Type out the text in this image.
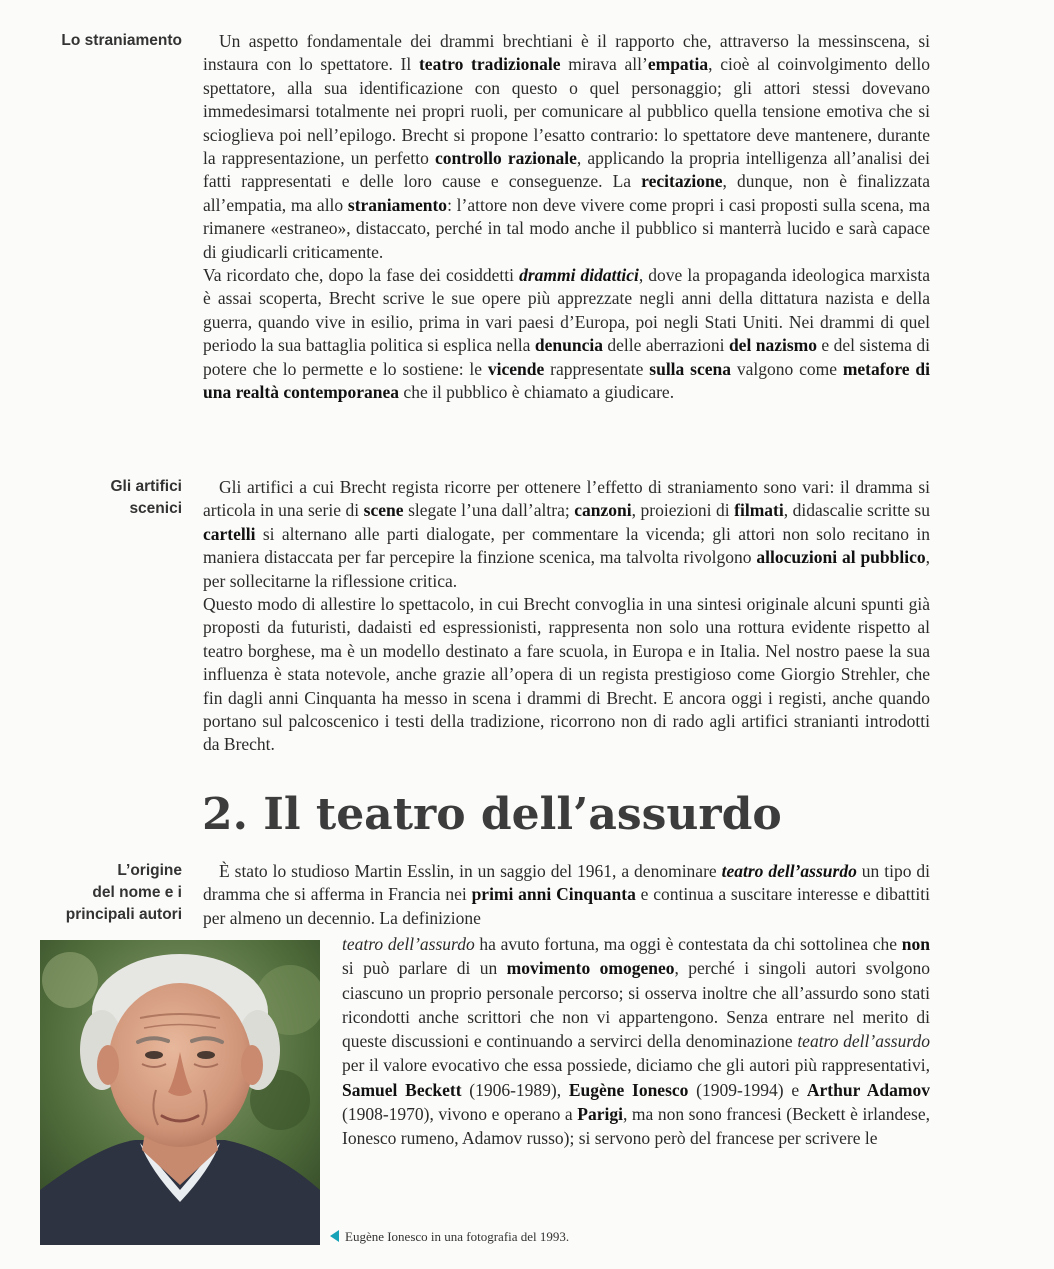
Lo straniamento	Un aspetto fondamentale dei drammi brechtiani è il rapporto che, attraverso la messinscena, si instaura con lo spettatore. Il teatro tradizionale mirava all’empatia, cioè al coinvolgimento dello spettatore, alla sua identificazione con questo o quel personaggio; gli attori stessi dovevano immedesimarsi totalmente nei propri ruoli, per comunicare al pubblico quella tensione emotiva che si scioglieva poi nell’epilogo. Brecht si propone l’esatto contrario: lo spettatore deve mantenere, durante la rappresentazione, un perfetto controllo razionale, applicando la propria intelligenza all’analisi dei fatti rappresentati e delle loro cause e conseguenze. La recitazione, dunque, non è finalizzata all’empatia, ma allo straniamento: l’attore non deve vivere come propri i casi proposti sulla scena, ma rimanere «estraneo», distaccato, perché in tal modo anche il pubblico si manterrà lucido e sarà capace di giudicarli criticamente.

Va ricordato che, dopo la fase dei cosiddetti drammi didattici, dove la propaganda ideologica marxista è assai scoperta, Brecht scrive le sue opere più apprezzate negli anni della dittatura nazista e della guerra, quando vive in esilio, prima in vari paesi d’Europa, poi negli Stati Uniti. Nei drammi di quel periodo la sua battaglia politica si esplica nella denuncia delle aberrazioni del nazismo e del sistema di potere che lo permette e lo sostiene: le vicende rappresentate sulla scena valgono come metafore di una realtà contemporanea che il pubblico è chiamato a giudicare.

Gli artifici
scenici

Gli artifici a cui Brecht regista ricorre per ottenere l’effetto di straniamento sono vari: il dramma si articola in una serie di scene slegate l’una dall’altra; canzoni, proiezioni di filmati, didascalie scritte su cartelli si alternano alle parti dialogate, per commentare la vicenda; gli attori non solo recitano in maniera distaccata per far percepire la finzione scenica, ma talvolta rivolgono allocuzioni al pubblico, per sollecitarne la riflessione critica.

Questo modo di allestire lo spettacolo, in cui Brecht convoglia in una sintesi originale alcuni spunti già proposti da futuristi, dadaisti ed espressionisti, rappresenta non solo una rottura evidente rispetto al teatro borghese, ma è un modello destinato a fare scuola, in Europa e in Italia. Nel nostro paese la sua influenza è stata notevole, anche grazie all’opera di un regista prestigioso come Giorgio Strehler, che fin dagli anni Cinquanta ha messo in scena i drammi di Brecht. E ancora oggi i registi, anche quando portano sul palcoscenico i testi della tradizione, ricorrono non di rado agli artifici stranianti introdotti da Brecht.

2. Il teatro dell’assurdo
L’origine
del nome e i
principali autori

È stato lo studioso Martin Esslin, in un saggio del 1961, a denominare teatro dell’assurdo un tipo di dramma che si afferma in Francia nei primi anni Cinquanta e continua a suscitare interesse e dibattiti per almeno un decennio. La definizione

teatro dell’assurdo ha avuto fortuna, ma oggi è contestata da chi sottolinea che non si può parlare di un movimento omogeneo, perché i singoli autori svolgono ciascuno un proprio personale percorso; si osserva inoltre che all’assurdo sono stati ricondotti anche scrittori che non vi appartengono. Senza entrare nel merito di queste discussioni e continuando a servirci della denominazione teatro dell’assurdo per il valore evocativo che essa possiede, diciamo che gli autori più rappresentativi, Samuel Beckett (1906-1989), Eugène Ionesco (1909-1994) e Arthur Adamov (1908-1970), vivono e operano a Parigi, ma non sono francesi (Beckett è irlandese, Ionesco rumeno, Adamov russo); si servono però del francese per scrivere le
Eugène Ionesco in una fotografia del 1993.
